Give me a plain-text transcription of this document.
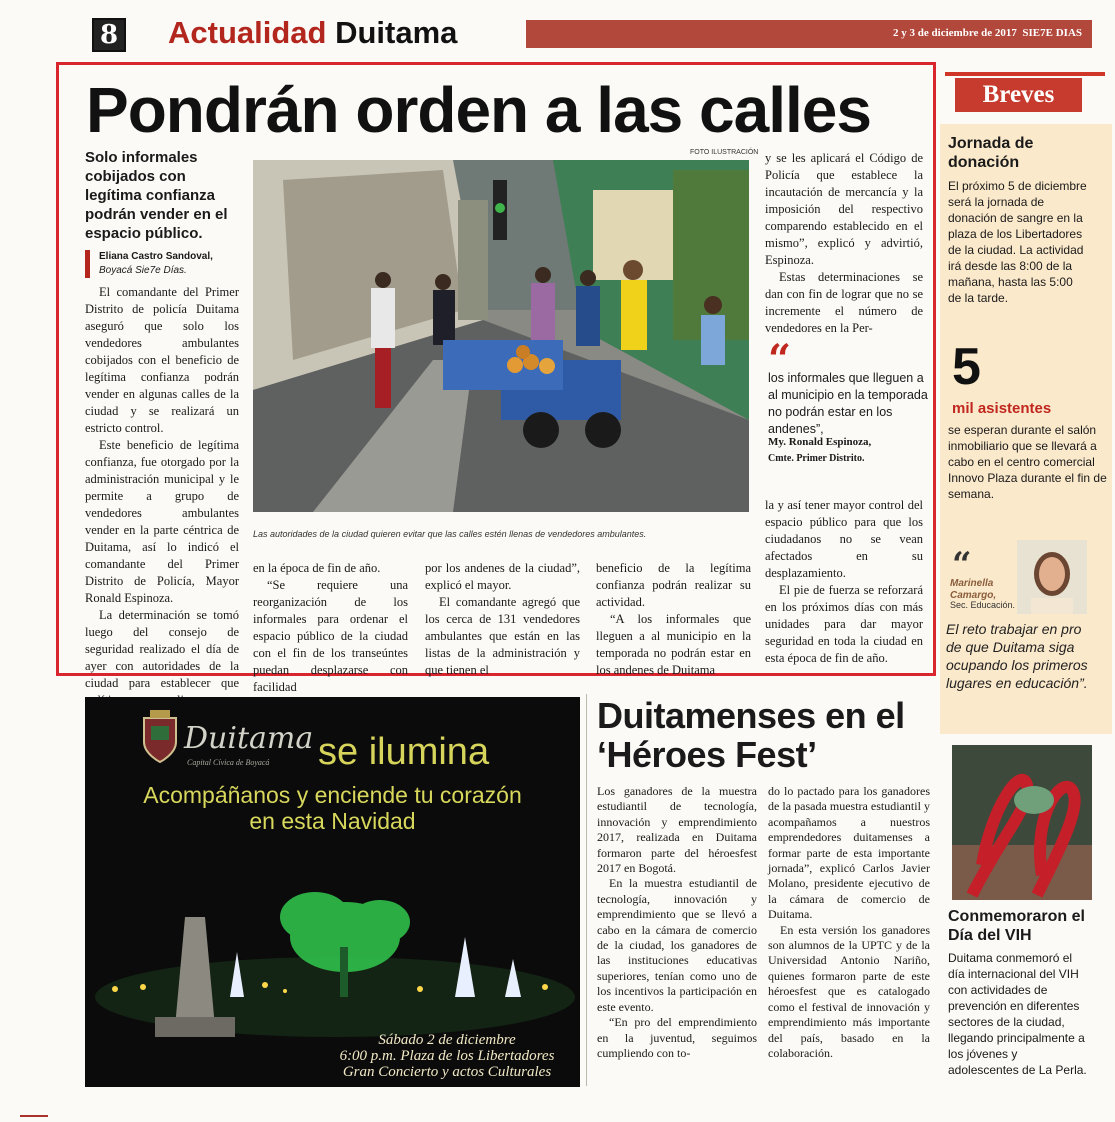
8 Actualidad Duitama	2 y 3 de diciembre de 2017 SIE7E DIAS
Pondrán orden a las calles
Solo informales cobijados con legítima confianza podrán vender en el espacio público.
Eliana Castro Sandoval,
Boyacá Sie7e Días.

El comandante del Primer Distrito de policía Duitama aseguró que solo los vendedores ambulantes cobijados con el beneficio de legítima confianza podrán vender en algunas calles de la ciudad y se realizará un estricto control.

Este beneficio de legítima confianza, fue otorgado por la administración municipal y le permite a grupo de vendedores ambulantes vender en la parte céntrica de Duitama, así lo indicó el comandante del Primer Distrito de Policía, Mayor Ronald Espinoza.

La determinación se tomó luego del consejo de seguridad realizado el día de ayer con autoridades de la ciudad para establecer que

en la época de fin de año.

“Se requiere una reorganización de los informales para ordenar el espacio público de la ciudad con el fin de los transeúntes puedan desplazarse con facilidad

por los andenes de la ciudad”, explicó el mayor.

El comandante agregó que los cerca de 131 vendedores ambulantes que están en las listas de la administración y que tienen el

beneficio de la legítima confianza podrán realizar su actividad.

“A los informales que lleguen a al municipio en la temporada no podrán estar en los andenes de Duitama

y se les aplicará el Código de Policía que establece la incautación de mercancía y la imposición del respectivo comparendo establecido en el mismo”, explicó y advirtió, Espinoza.

Estas determinaciones se dan con fin de lograr que no se incremente el número de vendedores en la Per-

la y así tener mayor control del espacio público para que los ciudadanos no se vean afectados en su desplazamiento.

El pie de fuerza se reforzará en los próximos días con más unidades para dar mayor seguridad en toda la ciudad en esta época de fin de año.

FOTO ILUSTRACIÓN
Las autoridades de la ciudad quieren evitar que las calles estén llenas de vendedores ambulantes.
“
los informales que lleguen a al municipio en la temporada no podrán estar en los andenes”,
My. Ronald Espinoza,
Cmte. Primer Distrito.
Breves
Jornada de donación
El próximo 5 de diciembre será la jornada de donación de sangre en la plaza de los Libertadores de la ciudad. La actividad irá desde las 8:00 de la mañana, hasta las 5:00 de la tarde.
5
mil asistentes
se esperan durante el salón inmobiliario que se llevará a cabo en el centro comercial Innovo Plaza durante el fin de semana.
“
Marinella Camargo,
Sec. Educación.
El reto trabajar en pro de que Duitama siga ocupando los primeros lugares en educación”.
Conmemoraron el Día del VIH
Duitama conmemoró el día internacional del VIH con actividades de prevención en diferentes sectores de la ciudad, llegando principalmente a los jóvenes y adolescentes de La Perla.
Duitama
Capital Cívica de Boyacá se ilumina
Acompáñanos y enciende tu corazón
en esta Navidad
Sábado 2 de diciembre
6:00 p.m. Plaza de los Libertadores
Gran Concierto y actos Culturales
Duitamenses en el ‘Héroes Fest’

Los ganadores de la muestra estudiantil de tecnología, innovación y emprendimiento 2017, realizada en Duitama formaron parte del héroesfest 2017 en Bogotá.

En la muestra estudiantil de tecnología, innovación y emprendimiento que se llevó a cabo en la cámara de comercio de la ciudad, los ganadores de las instituciones educativas superiores, tenían como uno de los incentivos la participación en este evento.

“En pro del emprendimiento en la juventud, seguimos cumpliendo con to-

do lo pactado para los ganadores de la pasada muestra estudiantil y acompañamos a nuestros emprendedores duitamenses a formar parte de esta importante jornada”, explicó Carlos Javier Molano, presidente ejecutivo de la cámara de comercio de Duitama.

En esta versión los ganadores son alumnos de la UPTC y de la Universidad Antonio Nariño, quienes formaron parte de este héroesfest que es catalogado como el festival de innovación y emprendimiento más importante del país, basado en la colaboración.
